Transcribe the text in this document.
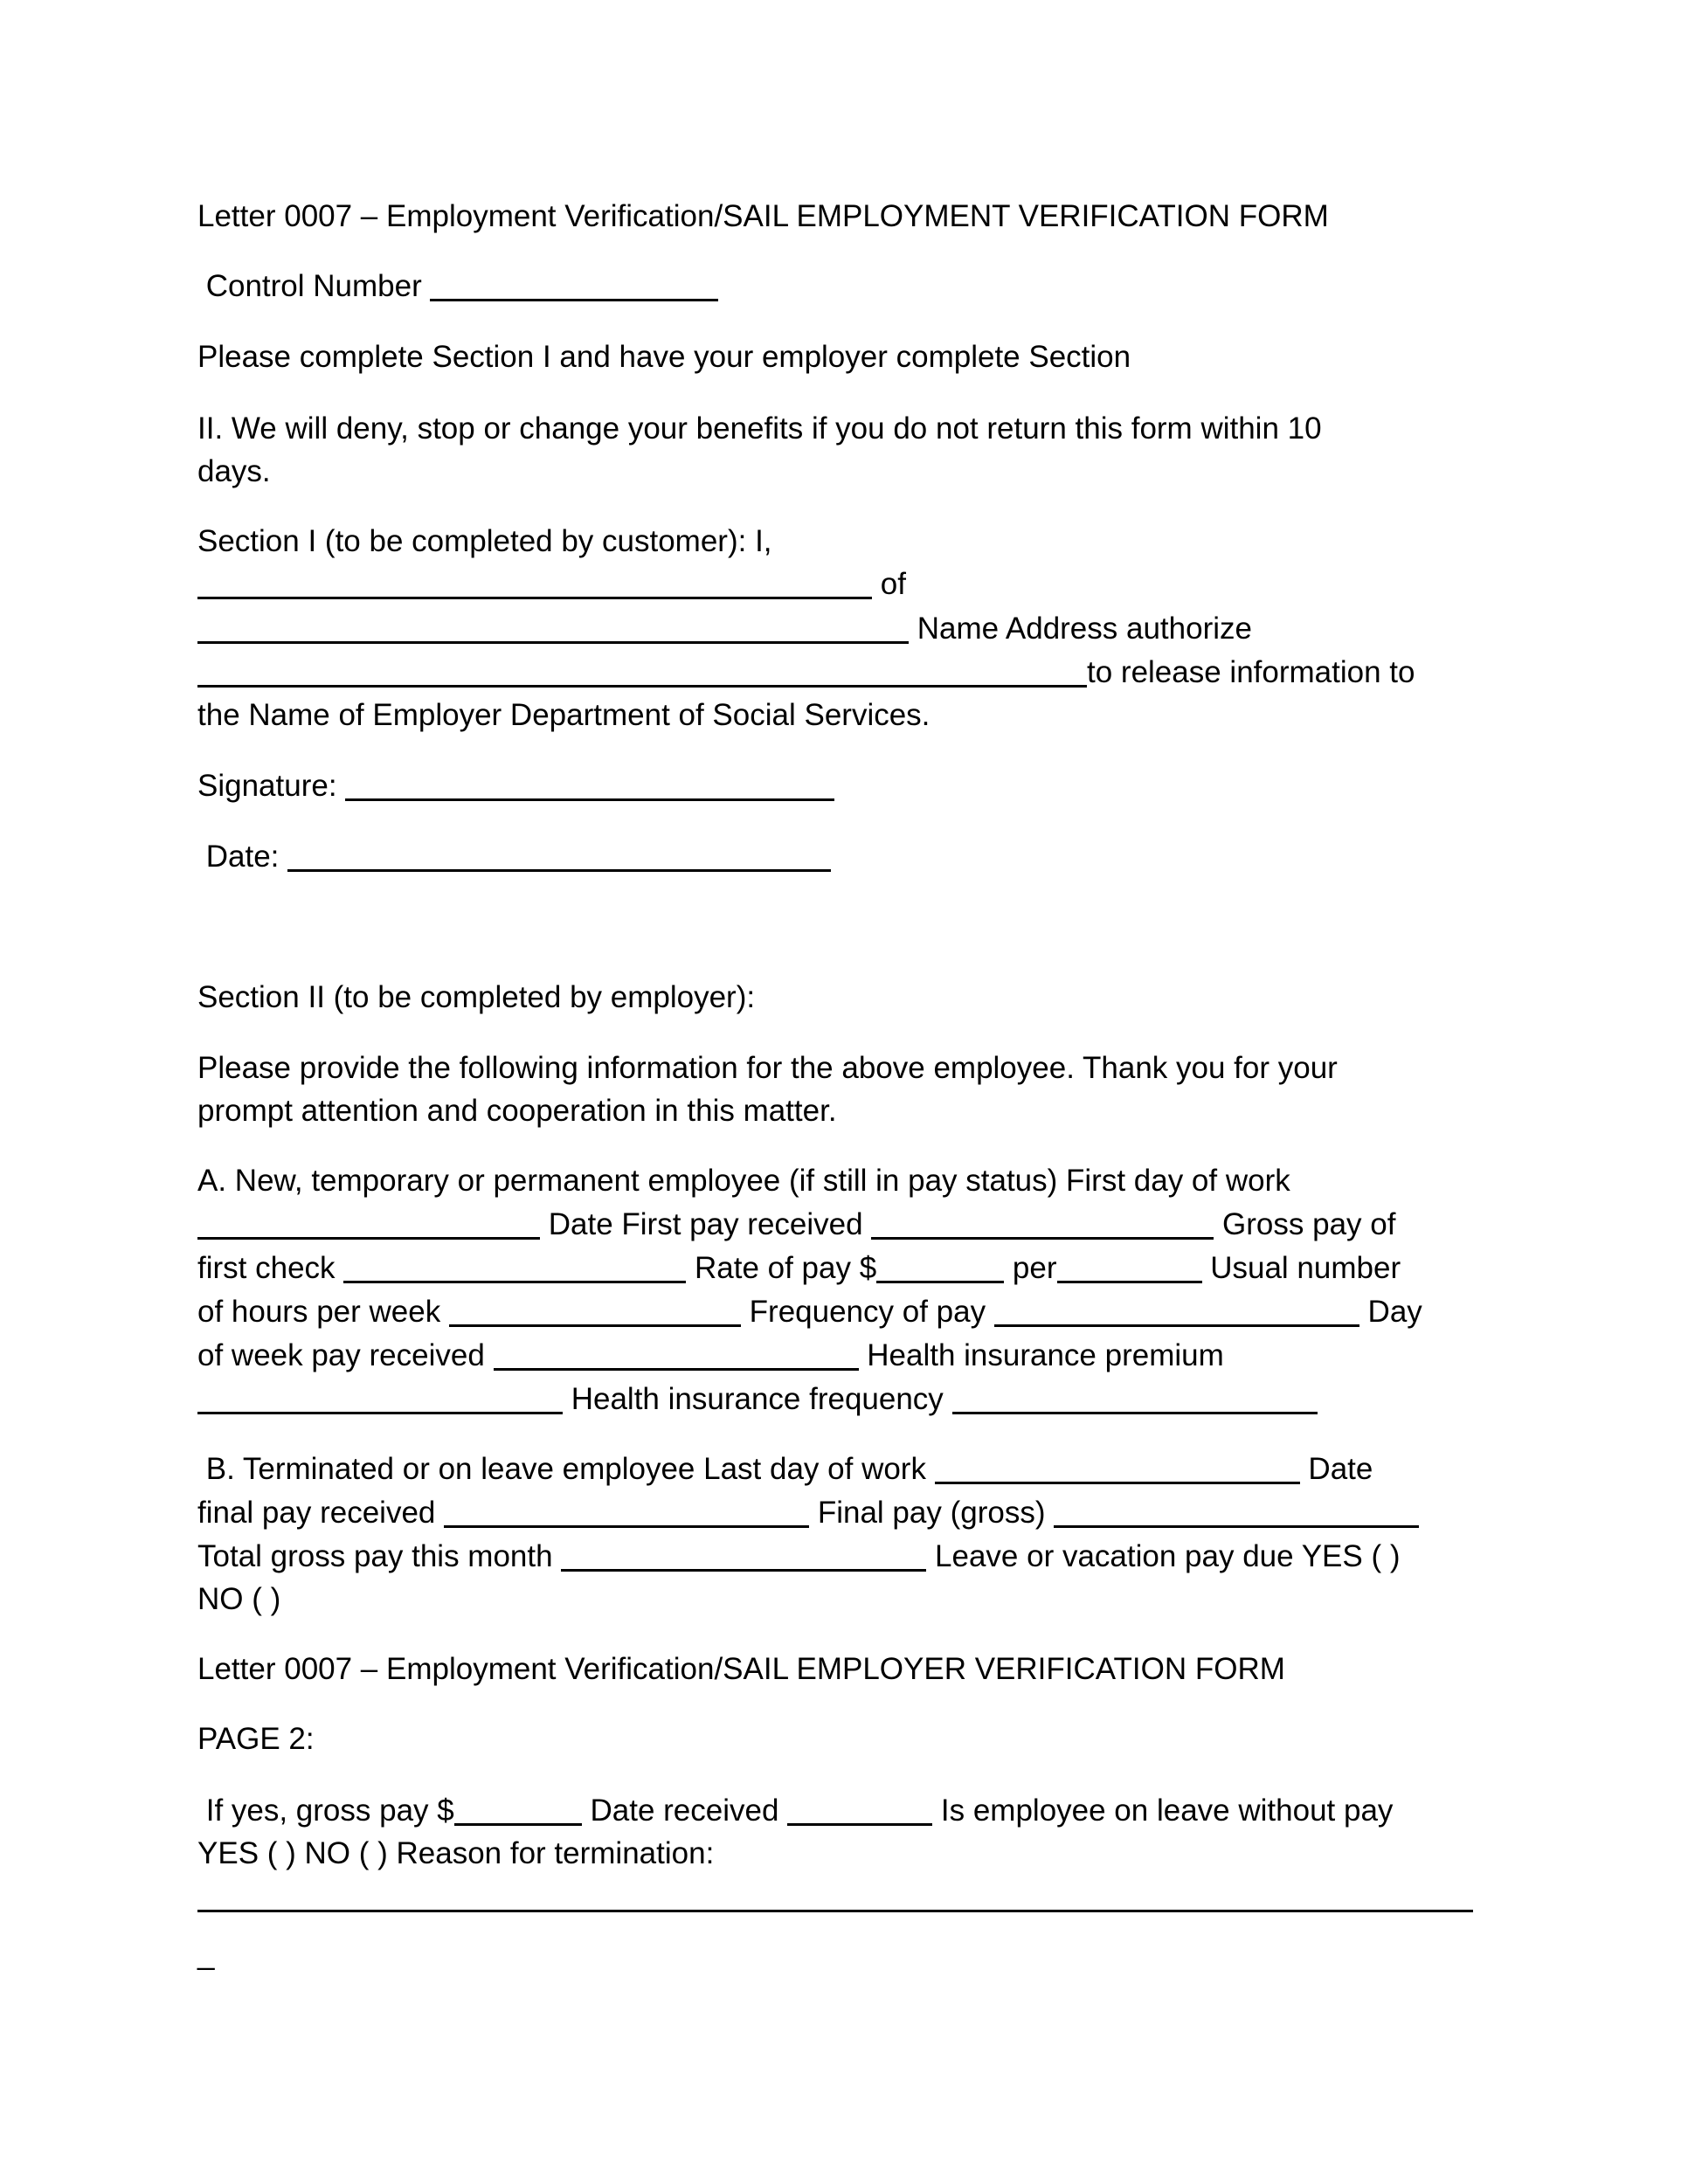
Letter 0007 – Employment Verification/SAIL EMPLOYMENT VERIFICATION FORM
Control Number
Please complete Section I and have your employer complete Section
II. We will deny, stop or change your benefits if you do not return this form within 10
days.
Section I (to be completed by customer): I,
of
Name Address authorize
to release information to
the Name of Employer Department of Social Services.
Signature:
Date:
Section II (to be completed by employer):
Please provide the following information for the above employee. Thank you for your
prompt attention and cooperation in this matter.
A. New, temporary or permanent employee (if still in pay status) First day of work
Date First pay received	Gross pay of
first check	Rate of pay $	per	Usual number
of hours per week	Frequency of pay	Day
of week pay received	Health insurance premium
Health insurance frequency
B. Terminated or on leave employee Last day of work	Date
final pay received	Final pay (gross)
Total gross pay this month	Leave or vacation pay due YES ( )
NO ( )
Letter 0007 – Employment Verification/SAIL EMPLOYER VERIFICATION FORM
PAGE 2:
If yes, gross pay $	Date received	Is employee on leave without pay
YES ( ) NO ( ) Reason for termination:
_
